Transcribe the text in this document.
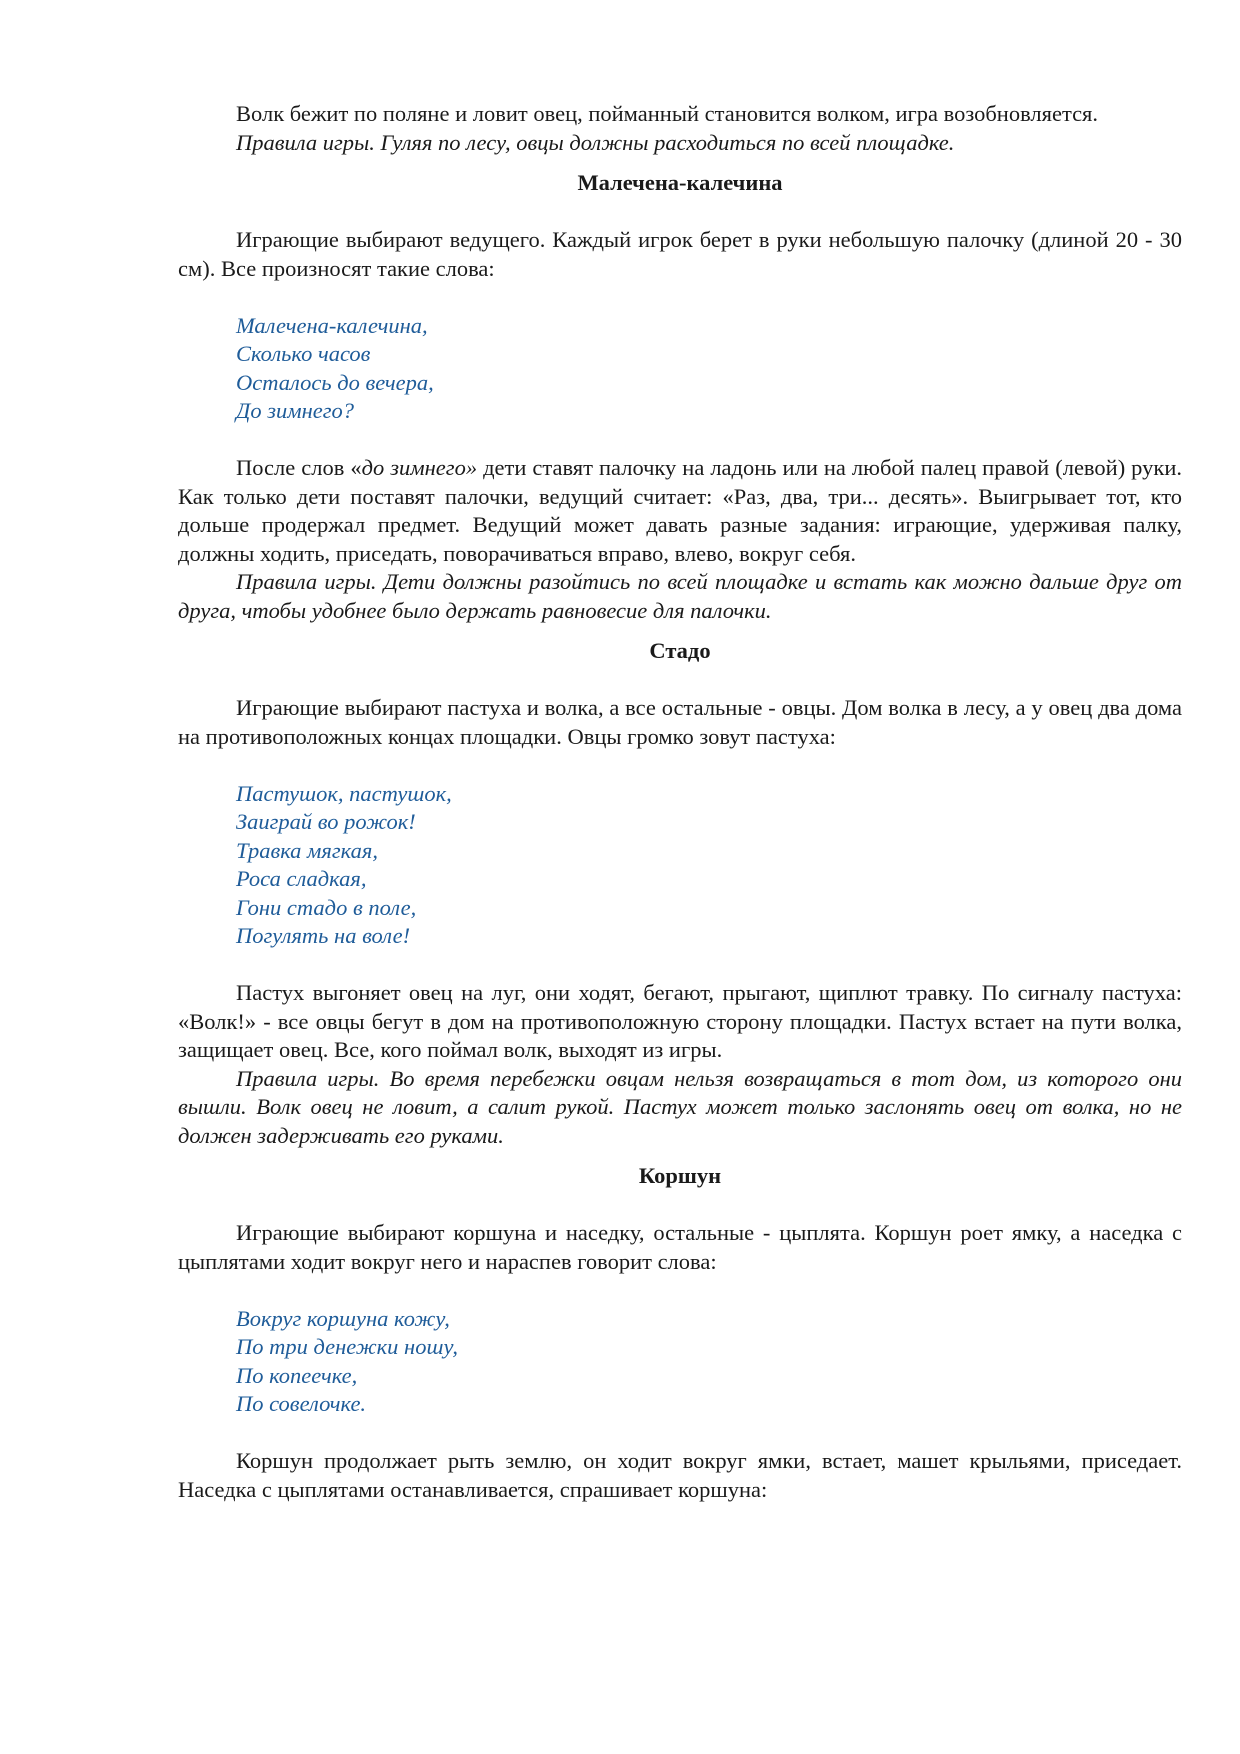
Волк бежит по поляне и ловит овец, пойманный становится волком, игра возобновляется.

Правила игры. Гуляя по лесу, овцы должны расходиться по всей площадке.

Малечена-калечина

Играющие выбирают ведущего. Каждый игрок берет в руки небольшую палочку (длиной 20 - 30 см). Все произносят такие слова:

Малечена-калечина,
Сколько часов
Осталось до вечера,
До зимнего?

После слов «до зимнего» дети ставят палочку на ладонь или на любой палец правой (левой) руки. Как только дети поставят палочки, ведущий считает: «Раз, два, три... десять». Выигрывает тот, кто дольше продержал предмет. Ведущий может давать разные задания: играющие, удерживая палку, должны ходить, приседать, поворачиваться вправо, влево, вокруг себя.

Правила игры. Дети должны разойтись по всей площадке и встать как можно дальше друг от друга, чтобы удобнее было держать равновесие для палочки.

Стадо

Играющие выбирают пастуха и волка, а все остальные - овцы. Дом волка в лесу, а у овец два дома на противоположных концах площадки. Овцы громко зовут пастуха:

Пастушок, пастушок,
Заиграй во рожок!
Травка мягкая,
Роса сладкая,
Гони стадо в поле,
Погулять на воле!

Пастух выгоняет овец на луг, они ходят, бегают, прыгают, щиплют травку. По сигналу пастуха: «Волк!» - все овцы бегут в дом на противоположную сторону площадки. Пастух встает на пути волка, защищает овец. Все, кого поймал волк, выходят из игры.

Правила игры. Во время перебежки овцам нельзя возвращаться в тот дом, из которого они вышли. Волк овец не ловит, а салит рукой. Пастух может только заслонять овец от волка, но не должен задерживать его руками.

Коршун

Играющие выбирают коршуна и наседку, остальные - цыплята. Коршун роет ямку, а наседка с цыплятами ходит вокруг него и нараспев говорит слова:

Вокруг коршуна кожу,
По три денежки ношу,
По копеечке,
По совелочке.

Коршун продолжает рыть землю, он ходит вокруг ямки, встает, машет крыльями, приседает. Наседка с цыплятами останавливается, спрашивает коршуна:
